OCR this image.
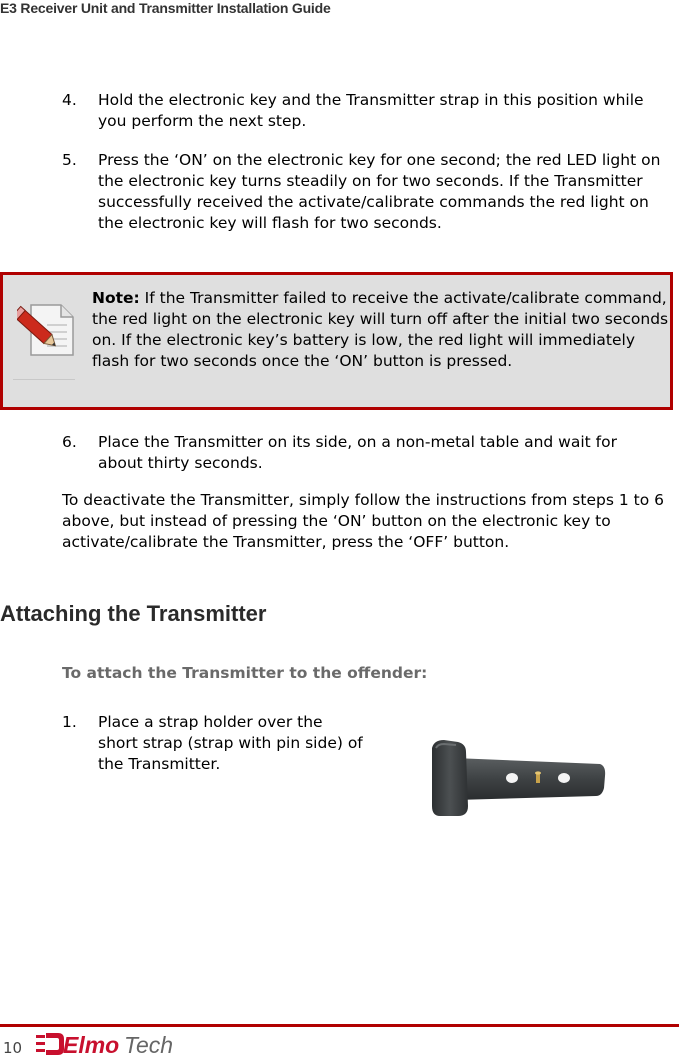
E3 Receiver Unit and Transmitter Installation Guide
4.	Hold the electronic key and the Transmitter strap in this position while you perform the next step.
5.	Press the ‘ON’ on the electronic key for one second; the red LED light on the electronic key turns steadily on for two seconds. If the Transmitter successfully received the activate/calibrate commands the red light on the electronic key will flash for two seconds.
Note: If the Transmitter failed to receive the activate/calibrate command, the red light on the electronic key will turn off after the initial two seconds on. If the electronic key’s battery is low, the red light will immediately flash for two seconds once the ‘ON’ button is pressed.
6.	Place the Transmitter on its side, on a non-metal table and wait for about thirty seconds.
To deactivate the Transmitter, simply follow the instructions from steps 1 to 6 above, but instead of pressing the ‘ON’ button on the electronic key to activate/calibrate the Transmitter, press the ‘OFF’ button.
Attaching the Transmitter
To attach the Transmitter to the offender:
1.	Place a strap holder over the short strap (strap with pin side) of the Transmitter.
10 Elmo Tech
